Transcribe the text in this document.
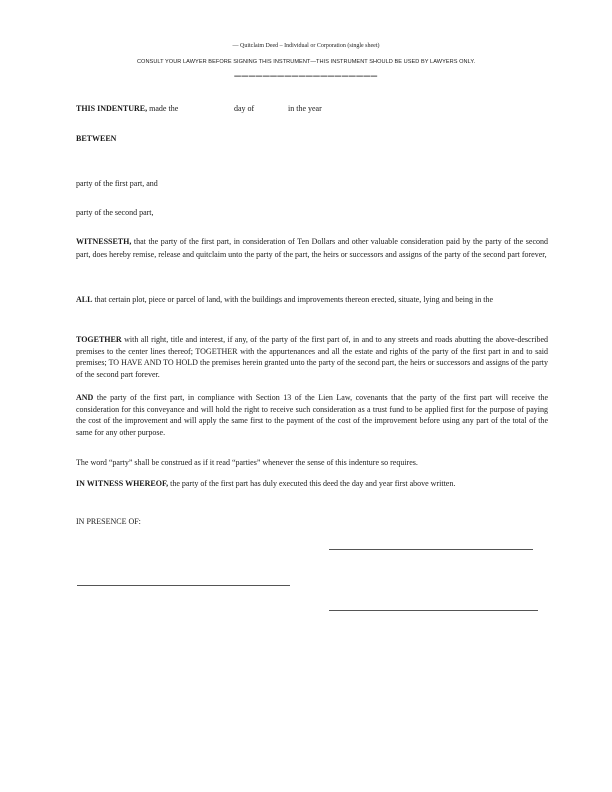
— Quitclaim Deed – Individual or Corporation (single sheet)
CONSULT YOUR LAWYER BEFORE SIGNING THIS INSTRUMENT—THIS INSTRUMENT SHOULD BE USED BY LAWYERS ONLY.
––––––––––––––––––––
THIS INDENTURE, made the	day of	in the year
BETWEEN
party of the first part, and
party of the second part,
WITNESSETH, that the party of the first part, in consideration of Ten Dollars and other valuable consideration paid by the party of the second part, does hereby remise, release and quitclaim unto the party of the part, the heirs or successors and assigns of the party of the second part forever,
ALL that certain plot, piece or parcel of land, with the buildings and improvements thereon erected, situate, lying and being in the
TOGETHER with all right, title and interest, if any, of the party of the first part of, in and to any streets and roads abutting the above-described premises to the center lines thereof; TOGETHER with the appurtenances and all the estate and rights of the party of the first part in and to said premises; TO HAVE AND TO HOLD the premises herein granted unto the party of the second part, the heirs or successors and assigns of the party of the second part forever.
AND the party of the first part, in compliance with Section 13 of the Lien Law, covenants that the party of the first part will receive the consideration for this conveyance and will hold the right to receive such consideration as a trust fund to be applied first for the purpose of paying the cost of the improvement and will apply the same first to the payment of the cost of the improvement before using any part of the total of the same for any other purpose.
The word “party” shall be construed as if it read “parties” whenever the sense of this indenture so requires.
IN WITNESS WHEREOF, the party of the first part has duly executed this deed the day and year first above written.
IN PRESENCE OF:
